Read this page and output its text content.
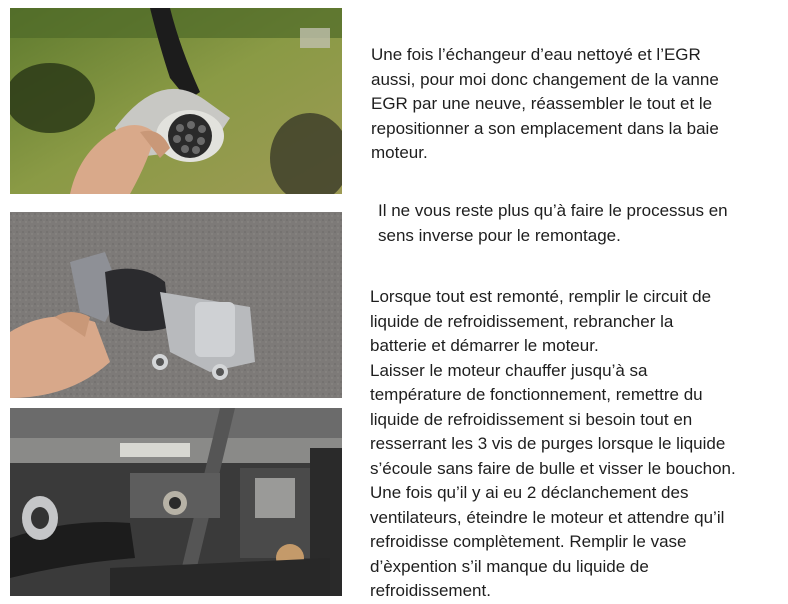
Une fois l’échangeur d’eau nettoyé et l’EGR
aussi, pour moi donc changement de la vanne
EGR par une neuve, réassembler le tout et le
repositionner a son emplacement dans la baie
moteur.

Il ne vous reste plus qu’à faire le processus en
sens inverse pour le remontage.

Lorsque tout est remonté, remplir le circuit de
liquide de refroidissement, rebrancher la
batterie et démarrer le moteur.
Laisser le moteur chauffer jusqu’à sa
température de fonctionnement, remettre du
liquide de refroidissement si besoin tout en
resserrant les 3 vis de purges lorsque le liquide
s’écoule sans faire de bulle et visser le bouchon.
Une fois qu’il y ai eu 2 déclanchement des
ventilateurs, éteindre le moteur et attendre qu’il
refroidisse complètement. Remplir le vase
d’èxpention s’il manque du liquide de
refroidissement.
